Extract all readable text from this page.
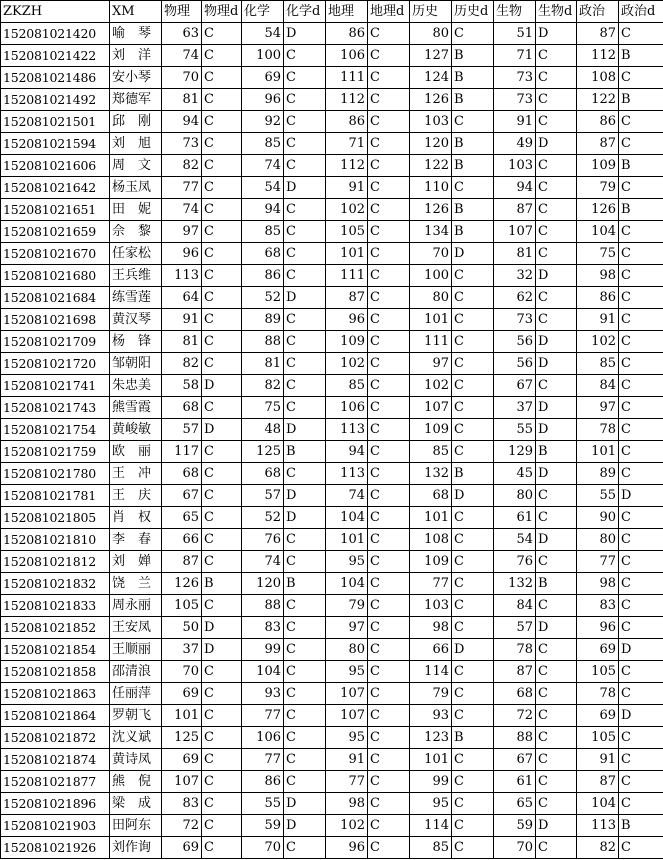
ZKZH	XM	物理	物理d	化学	化学d	地理	地理d	历史	历史d	生物	生物d	政治	政治d
152081021420	喻　琴	63	C	54	D	86	C	80	C	51	D	87	C
152081021422	刘　洋	74	C	100	C	106	C	127	B	71	C	112	B
152081021486	安小琴	70	C	69	C	111	C	124	B	73	C	108	C
152081021492	郑德军	81	C	96	C	112	C	126	B	73	C	122	B
152081021501	邱　刚	94	C	92	C	86	C	103	C	91	C	86	C
152081021594	刘　旭	73	C	85	C	71	C	120	B	49	D	87	C
152081021606	周　文	82	C	74	C	112	C	122	B	103	C	109	B
152081021642	杨玉凤	77	C	54	D	91	C	110	C	94	C	79	C
152081021651	田　妮	74	C	94	C	102	C	126	B	87	C	126	B
152081021659	佘　黎	97	C	85	C	105	C	134	B	107	C	104	C
152081021670	任家松	96	C	68	C	101	C	70	D	81	C	75	C
152081021680	王兵维	113	C	86	C	111	C	100	C	32	D	98	C
152081021684	练雪莲	64	C	52	D	87	C	80	C	62	C	86	C
152081021698	黄汉琴	91	C	89	C	96	C	101	C	73	C	91	C
152081021709	杨　锋	81	C	88	C	109	C	111	C	56	D	102	C
152081021720	邹朝阳	82	C	81	C	102	C	97	C	56	D	85	C
152081021741	朱忠美	58	D	82	C	85	C	102	C	67	C	84	C
152081021743	熊雪霞	68	C	75	C	106	C	107	C	37	D	97	C
152081021754	黄峻敏	57	D	48	D	113	C	109	C	55	D	78	C
152081021759	欧　丽	117	C	125	B	94	C	85	C	129	B	101	C
152081021780	王　冲	68	C	68	C	113	C	132	B	45	D	89	C
152081021781	王　庆	67	C	57	D	74	C	68	D	80	C	55	D
152081021805	肖　权	65	C	52	D	104	C	101	C	61	C	90	C
152081021810	李　春	66	C	76	C	101	C	108	C	54	D	80	C
152081021812	刘　婵	87	C	74	C	95	C	109	C	76	C	77	C
152081021832	饶　兰	126	B	120	B	104	C	77	C	132	B	98	C
152081021833	周永丽	105	C	88	C	79	C	103	C	84	C	83	C
152081021852	王安凤	50	D	83	C	97	C	98	C	57	D	96	C
152081021854	王顺丽	37	D	99	C	80	C	66	D	78	C	69	D
152081021858	邵清浪	70	C	104	C	95	C	114	C	87	C	105	C
152081021863	任丽萍	69	C	93	C	107	C	79	C	68	C	78	C
152081021864	罗朝飞	101	C	77	C	107	C	93	C	72	C	69	D
152081021872	沈义斌	125	C	106	C	95	C	123	B	88	C	105	C
152081021874	黄诗凤	69	C	77	C	91	C	101	C	67	C	91	C
152081021877	熊　倪	107	C	86	C	77	C	99	C	61	C	87	C
152081021896	梁　成	83	C	55	D	98	C	95	C	65	C	104	C
152081021903	田阿东	72	C	59	D	102	C	114	C	59	D	113	B
152081021926	刘作询	69	C	70	C	96	C	85	C	70	C	82	C
